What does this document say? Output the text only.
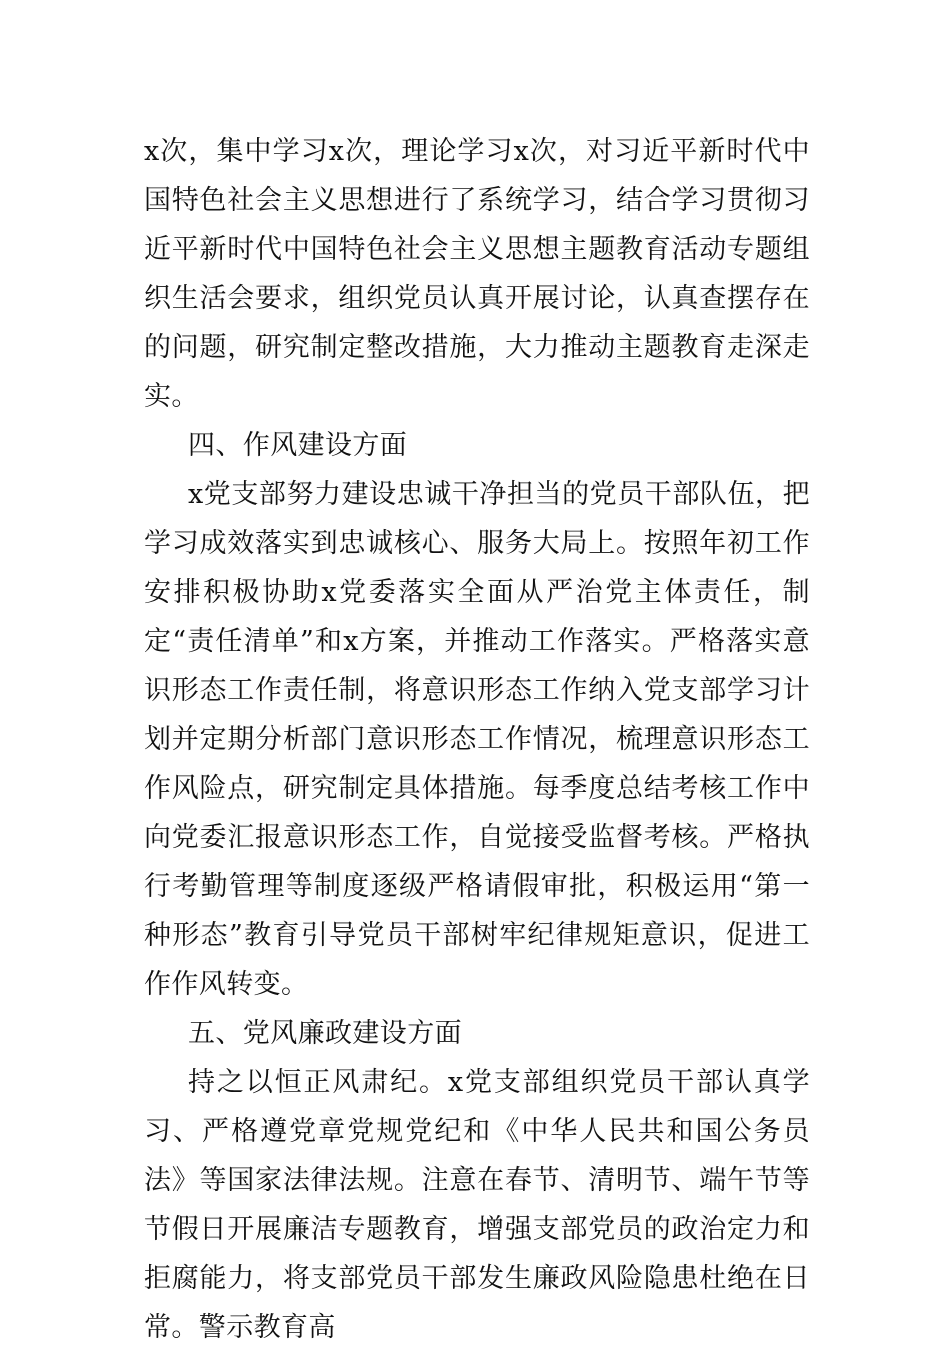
x次，集中学习x次，理论学习x次，对习近平新时代中国特色社会主义思想进行了系统学习，结合学习贯彻习近平新时代中国特色社会主义思想主题教育活动专题组织生活会要求，组织党员认真开展讨论，认真查摆存在的问题，研究制定整改措施，大力推动主题教育走深走实。

四、作风建设方面

x党支部努力建设忠诚干净担当的党员干部队伍，把学习成效落实到忠诚核心、服务大局上。按照年初工作安排积极协助x党委落实全面从严治党主体责任，制定“责任清单”和x方案，并推动工作落实。严格落实意识形态工作责任制，将意识形态工作纳入党支部学习计划并定期分析部门意识形态工作情况，梳理意识形态工作风险点，研究制定具体措施。每季度总结考核工作中向党委汇报意识形态工作，自觉接受监督考核。严格执行考勤管理等制度逐级严格请假审批，积极运用“第一种形态”教育引导党员干部树牢纪律规矩意识，促进工作作风转变。

五、党风廉政建设方面

持之以恒正风肃纪。x党支部组织党员干部认真学习、严格遵党章党规党纪和《中华人民共和国公务员法》等国家法律法规。注意在春节、清明节、端午节等节假日开展廉洁专题教育，增强支部党员的政治定力和拒腐能力，将支部党员干部发生廉政风险隐患杜绝在日常。警示教育高
